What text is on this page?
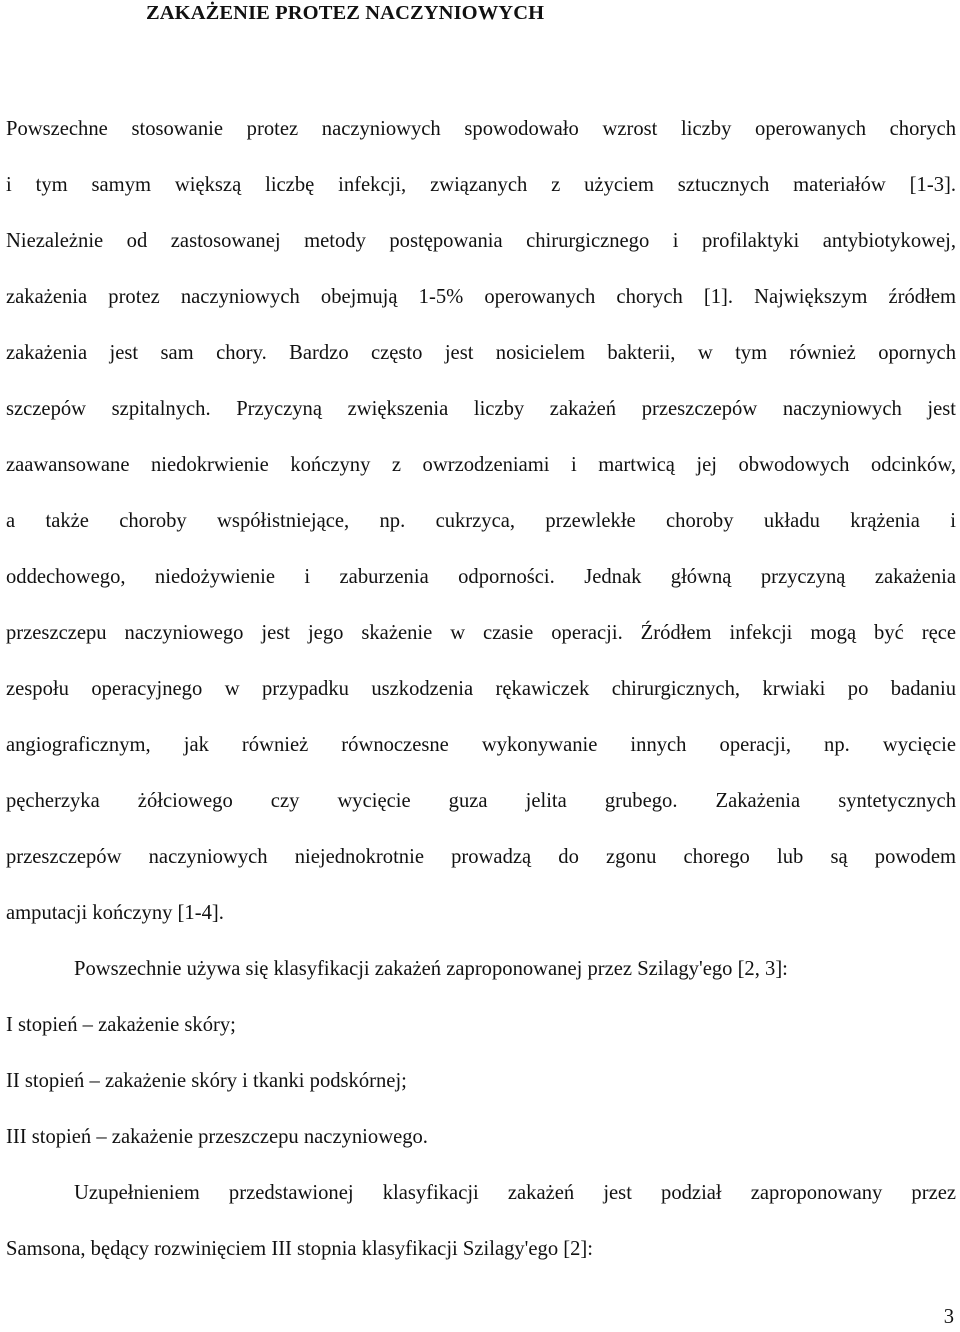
ZAKAŻENIE PROTEZ NACZYNIOWYCH
Powszechne stosowanie protez naczyniowych spowodowało wzrost liczby operowanych chorych
i tym samym większą liczbę infekcji, związanych z użyciem sztucznych materiałów [1-3].
Niezależnie od zastosowanej metody postępowania chirurgicznego i profilaktyki antybiotykowej,
zakażenia protez naczyniowych obejmują 1-5% operowanych chorych [1]. Największym źródłem
zakażenia jest sam chory. Bardzo często jest nosicielem bakterii, w tym również opornych
szczepów szpitalnych. Przyczyną zwiększenia liczby zakażeń przeszczepów naczyniowych jest
zaawansowane niedokrwienie kończyny z owrzodzeniami i martwicą jej obwodowych odcinków,
a także choroby współistniejące, np. cukrzyca, przewlekłe choroby układu krążenia i
oddechowego, niedożywienie i zaburzenia odporności. Jednak główną przyczyną zakażenia
przeszczepu naczyniowego jest jego skażenie w czasie operacji. Źródłem infekcji mogą być ręce
zespołu operacyjnego w przypadku uszkodzenia rękawiczek chirurgicznych, krwiaki po badaniu
angiograficznym, jak również równoczesne wykonywanie innych operacji, np. wycięcie
pęcherzyka żółciowego czy wycięcie guza jelita grubego. Zakażenia syntetycznych
przeszczepów naczyniowych niejednokrotnie prowadzą do zgonu chorego lub są powodem
amputacji kończyny [1-4].
Powszechnie używa się klasyfikacji zakażeń zaproponowanej przez Szilagy'ego [2, 3]:
I stopień – zakażenie skóry;
II stopień – zakażenie skóry i tkanki podskórnej;
III stopień – zakażenie przeszczepu naczyniowego.
Uzupełnieniem przedstawionej klasyfikacji zakażeń jest podział zaproponowany przez
Samsona, będący rozwinięciem III stopnia klasyfikacji Szilagy'ego [2]:
3
